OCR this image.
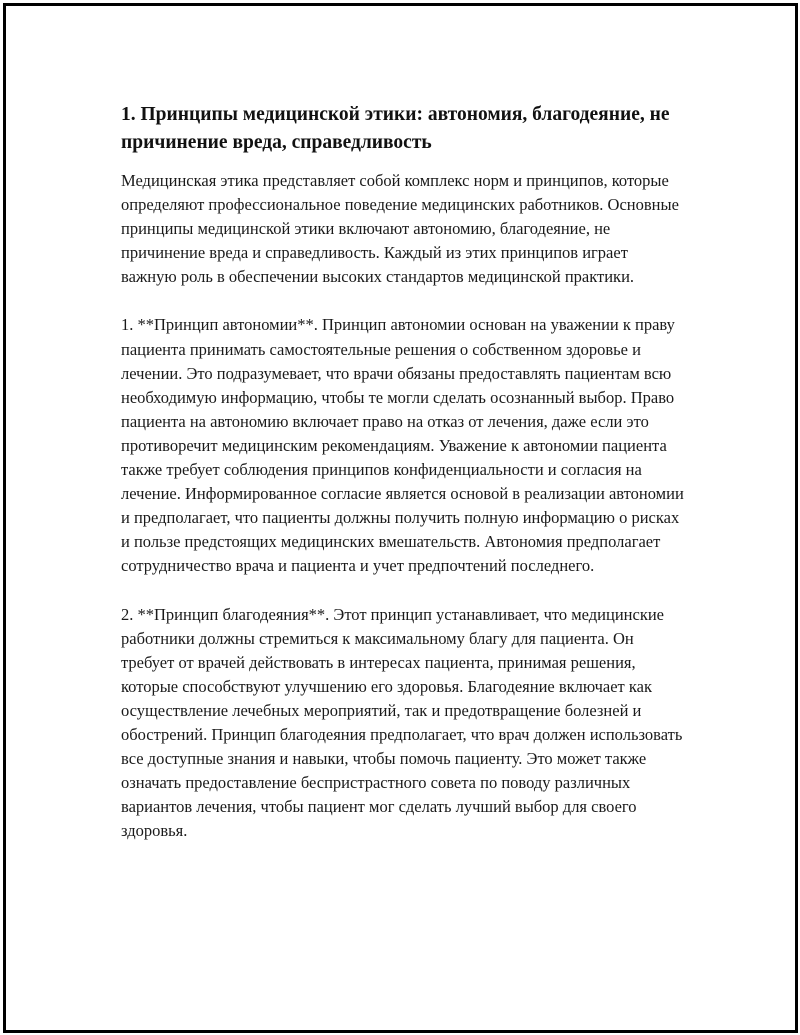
1. Принципы медицинской этики: автономия, благодеяние, не причинение вреда, справедливость

Медицинская этика представляет собой комплекс норм и принципов, которые определяют профессиональное поведение медицинских работников. Основные принципы медицинской этики включают автономию, благодеяние, не причинение вреда и справедливость. Каждый из этих принципов играет важную роль в обеспечении высоких стандартов медицинской практики.

1. **Принцип автономии**. Принцип автономии основан на уважении к праву пациента принимать самостоятельные решения о собственном здоровье и лечении. Это подразумевает, что врачи обязаны предоставлять пациентам всю необходимую информацию, чтобы те могли сделать осознанный выбор. Право пациента на автономию включает право на отказ от лечения, даже если это противоречит медицинским рекомендациям. Уважение к автономии пациента также требует соблюдения принципов конфиденциальности и согласия на лечение. Информированное согласие является основой в реализации автономии и предполагает, что пациенты должны получить полную информацию о рисках и пользе предстоящих медицинских вмешательств. Автономия предполагает сотрудничество врача и пациента и учет предпочтений последнего.

2. **Принцип благодеяния**. Этот принцип устанавливает, что медицинские работники должны стремиться к максимальному благу для пациента. Он требует от врачей действовать в интересах пациента, принимая решения, которые способствуют улучшению его здоровья. Благодеяние включает как осуществление лечебных мероприятий, так и предотвращение болезней и обострений. Принцип благодеяния предполагает, что врач должен использовать все доступные знания и навыки, чтобы помочь пациенту. Это может также означать предоставление беспристрастного совета по поводу различных вариантов лечения, чтобы пациент мог сделать лучший выбор для своего здоровья.
